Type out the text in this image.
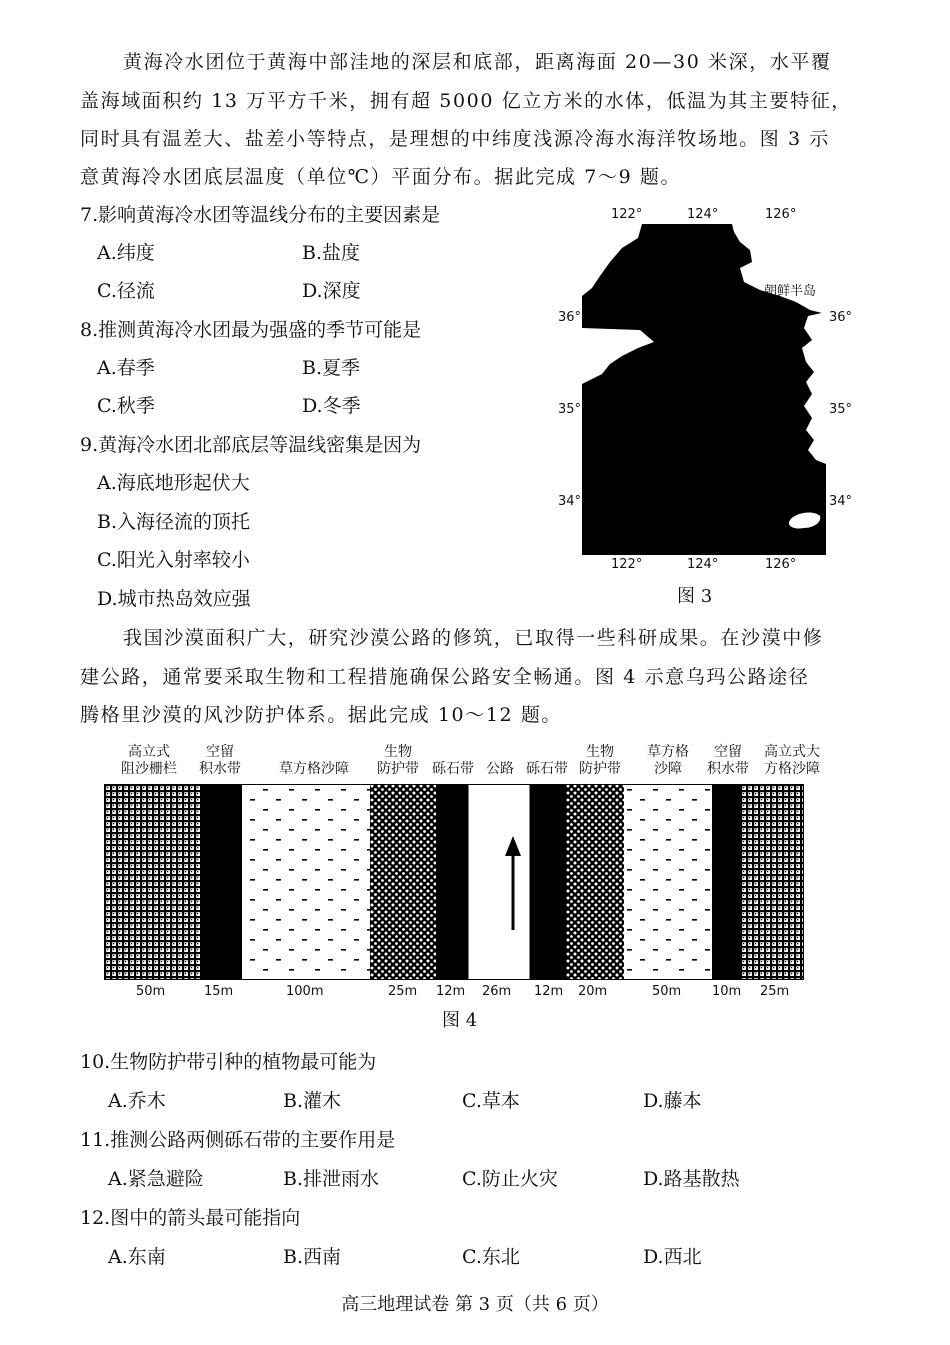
黄海冷水团位于黄海中部洼地的深层和底部，距离海面 20—30 米深，水平覆
盖海域面积约 13 万平方千米，拥有超 5000 亿立方米的水体，低温为其主要特征，
同时具有温差大、盐差小等特点，是理想的中纬度浅源冷海水海洋牧场地。图 3 示
意黄海冷水团底层温度（单位℃）平面分布。据此完成 7～9 题。
7.影响黄海冷水团等温线分布的主要因素是
A.纬度	B.盐度
C.径流	D.深度
8.推测黄海冷水团最为强盛的季节可能是
A.春季	B.夏季
C.秋季	D.冬季
9.黄海冷水团北部底层等温线密集是因为
A.海底地形起伏大
B.入海径流的顶托
C.阳光入射率较小
D.城市热岛效应强
122°	124°	126°
朝鲜半岛
36°
35°
34°
36°
35°
34°
122°	124°	126°
图 3
我国沙漠面积广大，研究沙漠公路的修筑，已取得一些科研成果。在沙漠中修
建公路，通常要采取生物和工程措施确保公路安全畅通。图 4 示意乌玛公路途径
腾格里沙漠的风沙防护体系。据此完成 10～12 题。
高立式
阻沙栅栏
空留
积水带	草方格沙障
生物
防护带 砾石带 公路 砾石带
生物
防护带
草方格
沙障
空留
积水带
高立式大
方格沙障
50m	15m	100m	25m 12m 26m 12m 20m	50m 10m 25m
图 4
10.生物防护带引种的植物最可能为
A.乔木	B.灌木	C.草本	D.藤本
11.推测公路两侧砾石带的主要作用是
A.紧急避险	B.排泄雨水	C.防止火灾	D.路基散热
12.图中的箭头最可能指向
A.东南	B.西南	C.东北	D.西北
高三地理试卷 第 3 页（共 6 页）
